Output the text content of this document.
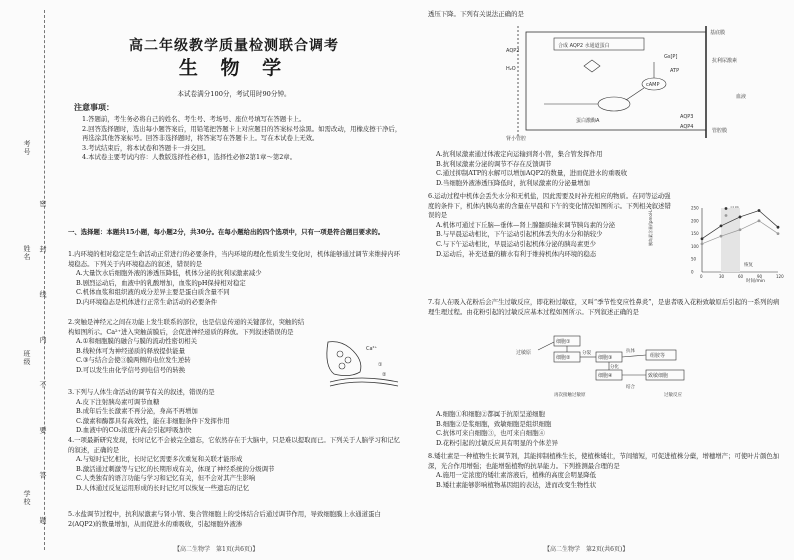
考号
姓名
班级
学校 密 封 线 内 不 要 答 题
高二年级教学质量检测联合调考
生 物 学
本试卷满分100分，考试用时90分钟。
注意事项：

1.答题前，考生务必将自己的姓名、考生号、考场号、座位号填写在答题卡上。

2.回答选择题时，选出每小题答案后，用铅笔把答题卡上对应题目的答案标号涂黑。如需改动，用橡皮擦干净后，再选涂其他答案标号。回答非选择题时，将答案写在答题卡上。写在本试卷上无效。

3.考试结束后，将本试卷和答题卡一并交回。

4.本试卷主要考试内容：人教版选择性必修1，选择性必修2第1章～第2章。

一、选择题：本题共15小题，每小题2分，共30分。在每小题给出的四个选项中，只有一项是符合题目要求的。

1.内环境的相对稳定是生命活动正常进行的必要条件，当内环境的理化性质发生变化时，机体能够通过调节来维持内环境稳态。下列关于内环境稳态的叙述，错误的是

A.大量饮水后细胞外液的渗透压降低，机体分泌的抗利尿激素减少

B.剧烈运动后，血液中的乳酸增加，血浆的pH保持相对稳定

C.机体血浆和组织液的成分差异主要是蛋白质含量不同

D.内环境稳态是机体进行正常生命活动的必要条件

2.突触是神经元之间在功能上发生联系的部位，也是信息传递的关键部位，突触的结构如图所示。Ca²⁺进入突触前膜后，会促进神经递质的释放。下列叙述错误的是

A.①和细胞膜的融合与膜的流动性密切相关

B.线粒体可为神经递质的释放提供能量

C.③与结合会使③膜两侧的电位发生逆转

D.可以发生由化学信号到电信号的转换

Ca²⁺
①
②

3.下列与人体生命活动的调节有关的叙述，错误的是

A.皮下注射胰岛素可调节血糖

B.成年后生长激素不再分泌，身高不再增加

C.激素和酶都具有高效性，能在非细胞条件下发挥作用

D.血液中的CO₂浓度升高会引起呼吸加快

4.一项最新研究发现，长时记忆不会被完全遗忘，它依然存在于大脑中，只是难以提取而已。下列关于人脑学习和记忆的叙述，正确的是

A.与短时记忆相比，长时记忆需要多次重复和关联才能形成

B.激活通过刺激等与记忆的长期形成有关，体现了神经系统的分级调节

C.人类独有的语言功能与学习和记忆有关，但不会对其产生影响

D.人体通过反复运用形成的长时记忆可以恢复一些遗忘的记忆

5.水盐调节过程中，抗利尿激素与肾小管、集合管细胞上的受体结合后通过调节作用，导致细胞膜上水通道蛋白2(AQP2)的数量增加，从而促进水的重吸收，引起细胞外液渗

【高二生物学　第1页(共6页)】

透压下降。下列有关说法正确的是

合成 AQP2 水通道蛋白
基底膜
AQP2
H₂O
Gs[P]
ATP
cAMP
蛋白激酶A
抗利尿激素
管腔膜
肾小管腔
血液
AQP3
AQP4

A.抗利尿激素通过体液定向运输到肾小管，集合管发挥作用

B.抗利尿激素分泌的调节不存在反馈调节

C.通过抑制ATP的水解可以增加AQP2的数量，进而促进水的重吸收

D.当细胞外液渗透压降低时，抗利尿激素的分泌量增加

6.运动过程中机体会丢失水分和无机盐，因此需要及时补充相应的物质。在同等运动强度的条件下，机体内胰岛素的含量在早晨和下午的变化情况如图所示。下列相关叙述错误的是

A.机体可通过下丘脑—垂体—肾上腺髓质轴来调节胰岛素的分泌

B.与早晨运动相比，下午运动引起机体丢失的水分和钠较少

C.与下午运动相比，早晨运动引起机体分泌的胰岛素更少

D.运动后，补充适量的糖水有利于维持机体内环境的稳态

胰岛素含量/(pmol·L⁻¹)
时间/min
恢复
0	30	60	90	120
0
50
100
150
200
250

7.有人在吸入花粉后会产生过敏反应，即花粉过敏症，又叫“季节性变应性鼻炎”，是患者吸入花粉致敏原后引起的一系列的病理生理过程。由花粉引起的过敏反应基本过程如图所示。下列叙述正确的是

细胞①
细胞②	细胞③
细胞④
过敏原	分裂
分化
抗体
致敏细胞
组胺等
结合
再次接触过敏原	过敏反应

A.细胞①和细胞②都属于抗原呈递细胞

B.细胞②是浆细胞，致敏细胞是组织细胞

C.抗体可来自细胞③，也可来自细胞④

D.花粉引起的过敏反应具有明显的个体差异

8.矮壮素是一种植物生长调节剂，其能抑制植株生长，使植株矮壮，节间缩短，可促进植株分蘖，增穗增产；可使叶片颜色加深，光合作用增强；也能增强植物的抗旱能力。下列推测最合理的是

A.施用一定浓度的矮壮素溶液后，植株的高度会明显降低

B.矮壮素能够影响植物基因组的表达，进而改变生物性状

【高二生物学　第2页(共6页)】
